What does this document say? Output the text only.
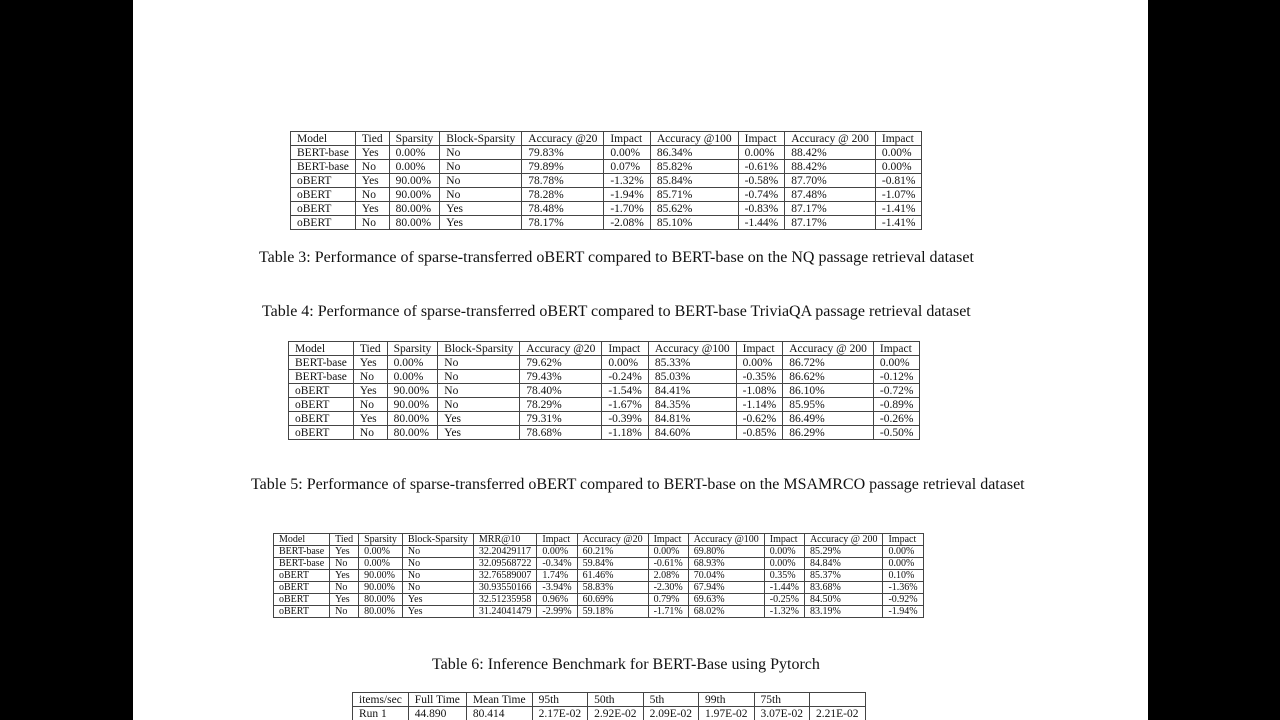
Model	Tied	Sparsity	Block-Sparsity	Accuracy @20	Impact	Accuracy @100	Impact	Accuracy @ 200	Impact
BERT-base	Yes	0.00%	No	79.83%	0.00%	86.34%	0.00%	88.42%	0.00%
BERT-base	No	0.00%	No	79.89%	0.07%	85.82%	-0.61%	88.42%	0.00%
oBERT	Yes	90.00%	No	78.78%	-1.32%	85.84%	-0.58%	87.70%	-0.81%
oBERT	No	90.00%	No	78.28%	-1.94%	85.71%	-0.74%	87.48%	-1.07%
oBERT	Yes	80.00%	Yes	78.48%	-1.70%	85.62%	-0.83%	87.17%	-1.41%
oBERT	No	80.00%	Yes	78.17%	-2.08%	85.10%	-1.44%	87.17%	-1.41%
Table 3: Performance of sparse-transferred oBERT compared to BERT-base on the NQ passage retrieval dataset
Table 4: Performance of sparse-transferred oBERT compared to BERT-base TriviaQA passage retrieval dataset
Model	Tied	Sparsity	Block-Sparsity	Accuracy @20	Impact	Accuracy @100	Impact	Accuracy @ 200	Impact
BERT-base	Yes	0.00%	No	79.62%	0.00%	85.33%	0.00%	86.72%	0.00%
BERT-base	No	0.00%	No	79.43%	-0.24%	85.03%	-0.35%	86.62%	-0.12%
oBERT	Yes	90.00%	No	78.40%	-1.54%	84.41%	-1.08%	86.10%	-0.72%
oBERT	No	90.00%	No	78.29%	-1.67%	84.35%	-1.14%	85.95%	-0.89%
oBERT	Yes	80.00%	Yes	79.31%	-0.39%	84.81%	-0.62%	86.49%	-0.26%
oBERT	No	80.00%	Yes	78.68%	-1.18%	84.60%	-0.85%	86.29%	-0.50%
Table 5: Performance of sparse-transferred oBERT compared to BERT-base on the MSAMRCO passage retrieval dataset
Model	Tied	Sparsity	Block-Sparsity	MRR@10	Impact	Accuracy @20	Impact	Accuracy @100	Impact	Accuracy @ 200	Impact
BERT-base	Yes	0.00%	No	32.20429117	0.00%	60.21%	0.00%	69.80%	0.00%	85.29%	0.00%
BERT-base	No	0.00%	No	32.09568722	-0.34%	59.84%	-0.61%	68.93%	0.00%	84.84%	0.00%
oBERT	Yes	90.00%	No	32.76589007	1.74%	61.46%	2.08%	70.04%	0.35%	85.37%	0.10%
oBERT	No	90.00%	No	30.93550166	-3.94%	58.83%	-2.30%	67.94%	-1.44%	83.68%	-1.36%
oBERT	Yes	80.00%	Yes	32.51235958	0.96%	60.69%	0.79%	69.63%	-0.25%	84.50%	-0.92%
oBERT	No	80.00%	Yes	31.24041479	-2.99%	59.18%	-1.71%	68.02%	-1.32%	83.19%	-1.94%
Table 6: Inference Benchmark for BERT-Base using Pytorch
items/sec	Full Time	Mean Time	95th	50th	5th	99th	75th	
Run 1	44.890	80.414	2.17E-02	2.92E-02	2.09E-02	1.97E-02	3.07E-02	2.21E-02
